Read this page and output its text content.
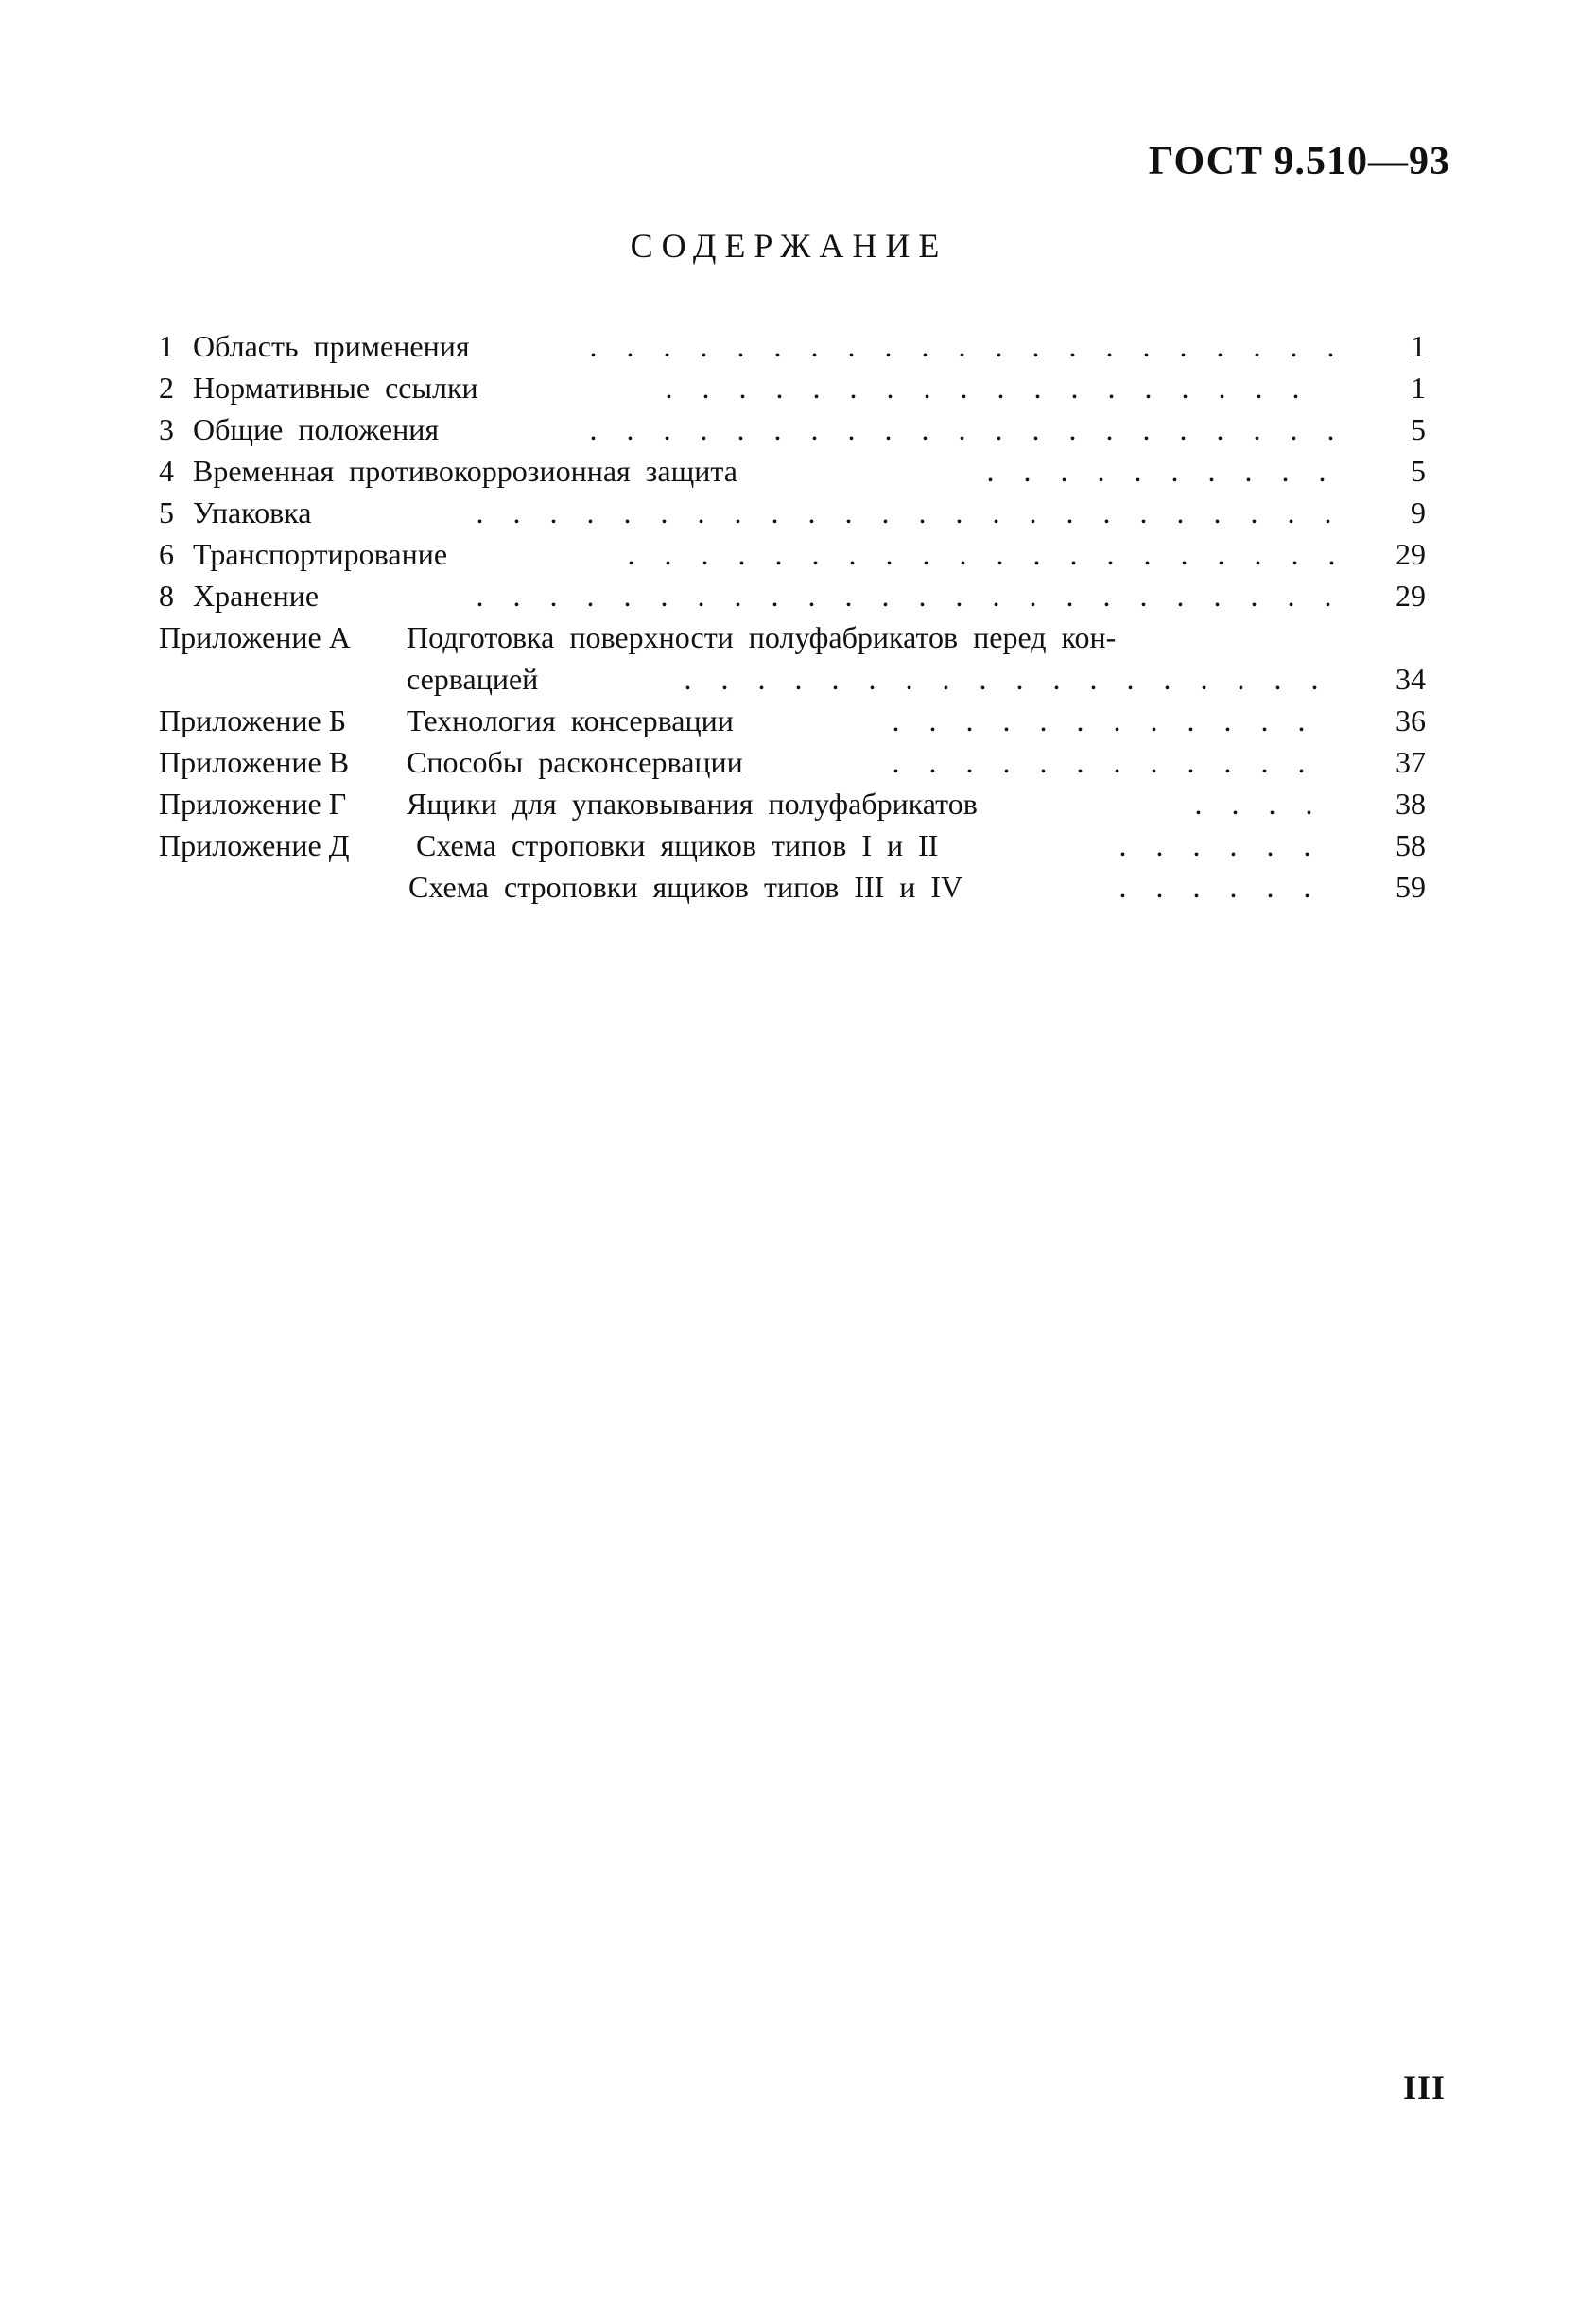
ГОСТ 9.510—93
СОДЕРЖАНИЕ
1 Область применения	. . . . . . . . . . . . . . . . . . . . .	1
2 Нормативные ссылки	. . . . . . . . . . . . . . . . . .	1
3 Общие положения	. . . . . . . . . . . . . . . . . . . . .	5
4 Временная противокоррозионная защита	. . . . . . . . . .	5
5 Упаковка	. . . . . . . . . . . . . . . . . . . . . . . .	9
6 Транспортирование	. . . . . . . . . . . . . . . . . . . .	29
8 Хранение	. . . . . . . . . . . . . . . . . . . . . . . .	29
Приложение А Подготовка поверхности полуфабрикатов перед кон-
сервацией	. . . . . . . . . . . . . . . . . .	34
Приложение Б Технология консервации	. . . . . . . . . . . .	36
Приложение В Способы расконсервации	. . . . . . . . . . . .	37
Приложение Г Ящики для упаковывания полуфабрикатов	. . . .	38
Приложение Д Схема строповки ящиков типов I и II	. . . . . .	58
Схема строповки ящиков типов III и IV	. . . . . .	59
III
